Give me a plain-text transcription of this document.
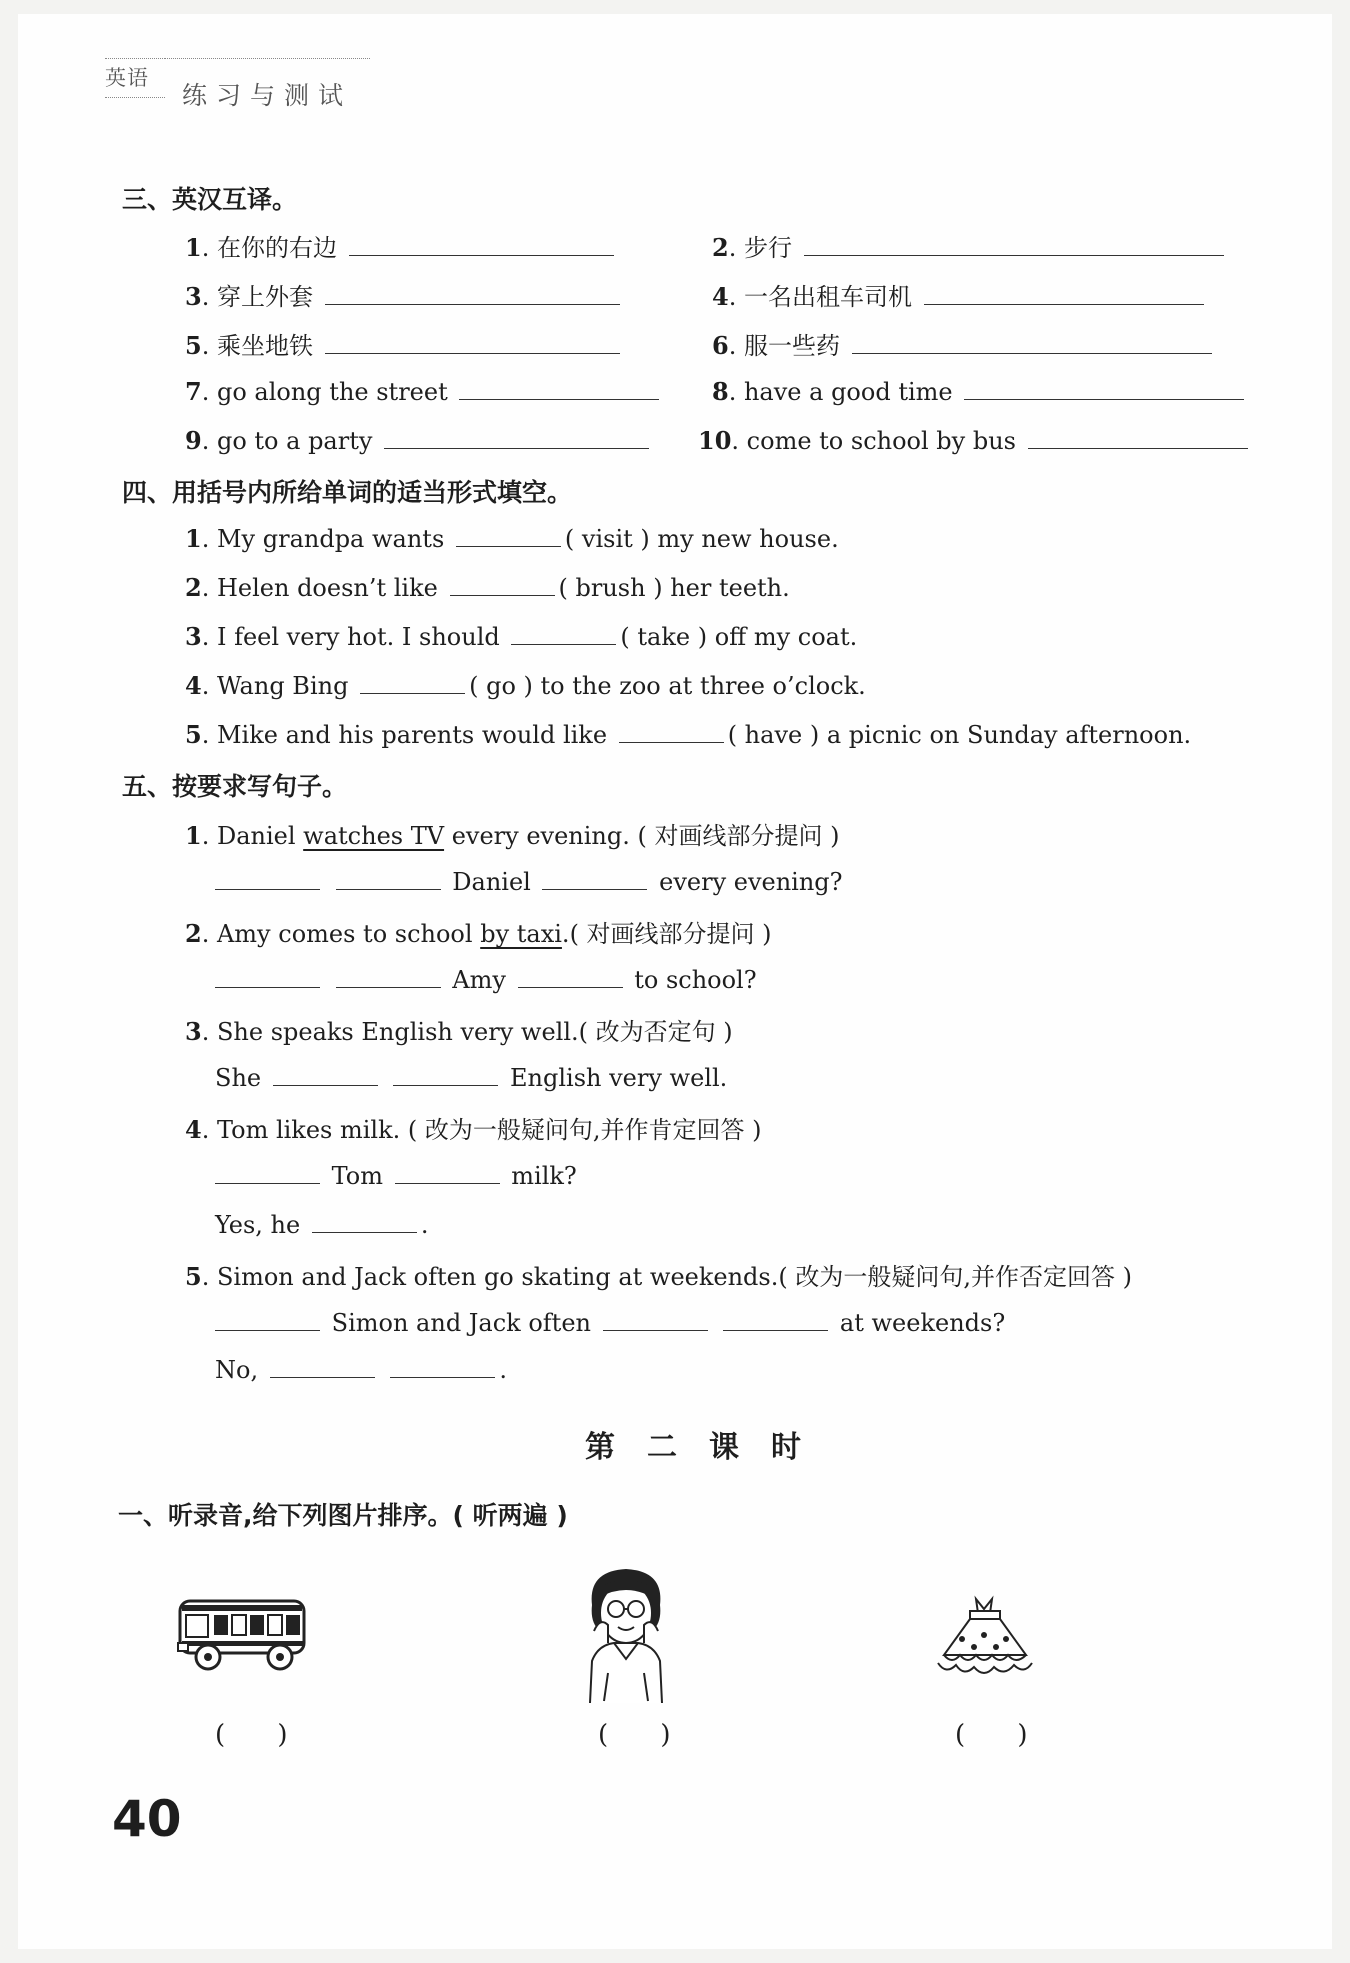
英语
练习与测试
三、英汉互译。
1. 在你的右边	2. 步行
3. 穿上外套	4. 一名出租车司机
5. 乘坐地铁	6. 服一些药
7. go along the street	8. have a good time
9. go to a party	10. come to school by bus
四、用括号内所给单词的适当形式填空。
1. My grandpa wants	( visit ) my new house.
2. Helen doesn’t like	( brush ) her teeth.
3. I feel very hot. I should	( take ) off my coat.
4. Wang Bing	( go ) to the zoo at three o’clock.
5. Mike and his parents would like	( have ) a picnic on Sunday afternoon.
五、按要求写句子。
1. Daniel watches TV every evening. ( 对画线部分提问 )
Daniel	every evening?
2. Amy comes to school by taxi.( 对画线部分提问 )
Amy	to school?
3. She speaks English very well.( 改为否定句 )
She	English very well.
4. Tom likes milk. ( 改为一般疑问句,并作肯定回答 )
Tom	milk?
Yes, he	.
5. Simon and Jack often go skating at weekends.( 改为一般疑问句,并作否定回答 )
Simon and Jack often	at weekends?
No,	.
第二课时
一、听录音,给下列图片排序。( 听两遍 )
( )	( )	( )
40
